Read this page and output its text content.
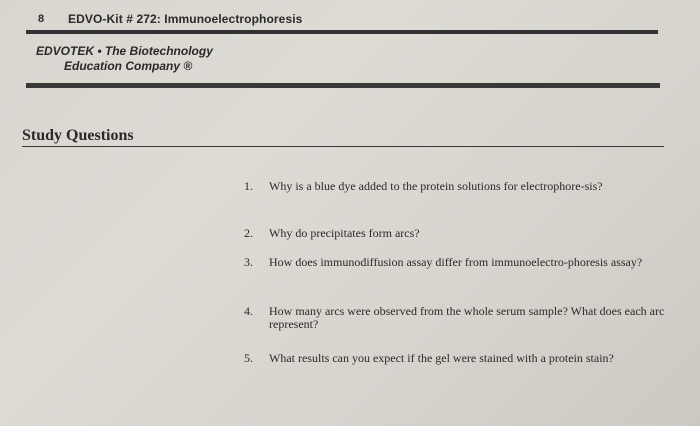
8 EDVO-Kit # 272: Immunoelectrophoresis
EDVOTEK • The Biotechnology
Education Company ®
Study Questions
1. Why is a blue dye added to the protein solutions for electrophore-sis?
2. Why do precipitates form arcs?
3. How does immunodiffusion assay differ from immunoelectro-phoresis assay?
4. How many arcs were observed from the whole serum sample? What does each arc represent?
5. What results can you expect if the gel were stained with a protein stain?
